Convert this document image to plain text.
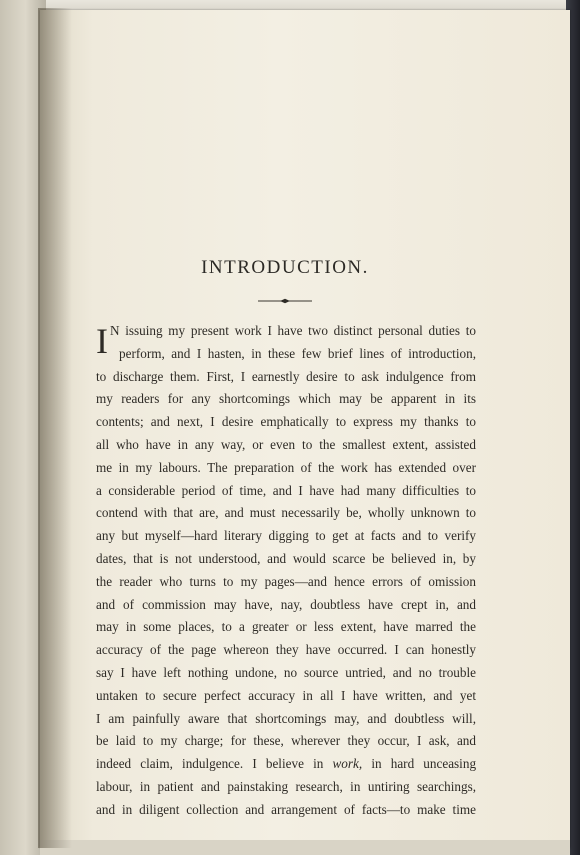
INTRODUCTION.
I N issuing my present work I have two distinct personal duties to
perform, and I hasten, in these few brief lines of introduction,
to discharge them. First, I earnestly desire to ask indulgence from
my readers for any shortcomings which may be apparent in its
contents; and next, I desire emphatically to express my thanks to
all who have in any way, or even to the smallest extent, assisted
me in my labours. The preparation of the work has extended over
a considerable period of time, and I have had many difficulties to
contend with that are, and must necessarily be, wholly unknown to
any but myself—hard literary digging to get at facts and to verify
dates, that is not understood, and would scarce be believed in, by
the reader who turns to my pages—and hence errors of omission
and of commission may have, nay, doubtless have crept in, and
may in some places, to a greater or less extent, have marred the
accuracy of the page whereon they have occurred. I can honestly
say I have left nothing undone, no source untried, and no trouble
untaken to secure perfect accuracy in all I have written, and yet
I am painfully aware that shortcomings may, and doubtless will,
be laid to my charge; for these, wherever they occur, I ask, and
indeed claim, indulgence. I believe in work, in hard unceasing
labour, in patient and painstaking research, in untiring searchings,
and in diligent collection and arrangement of facts—to make time
